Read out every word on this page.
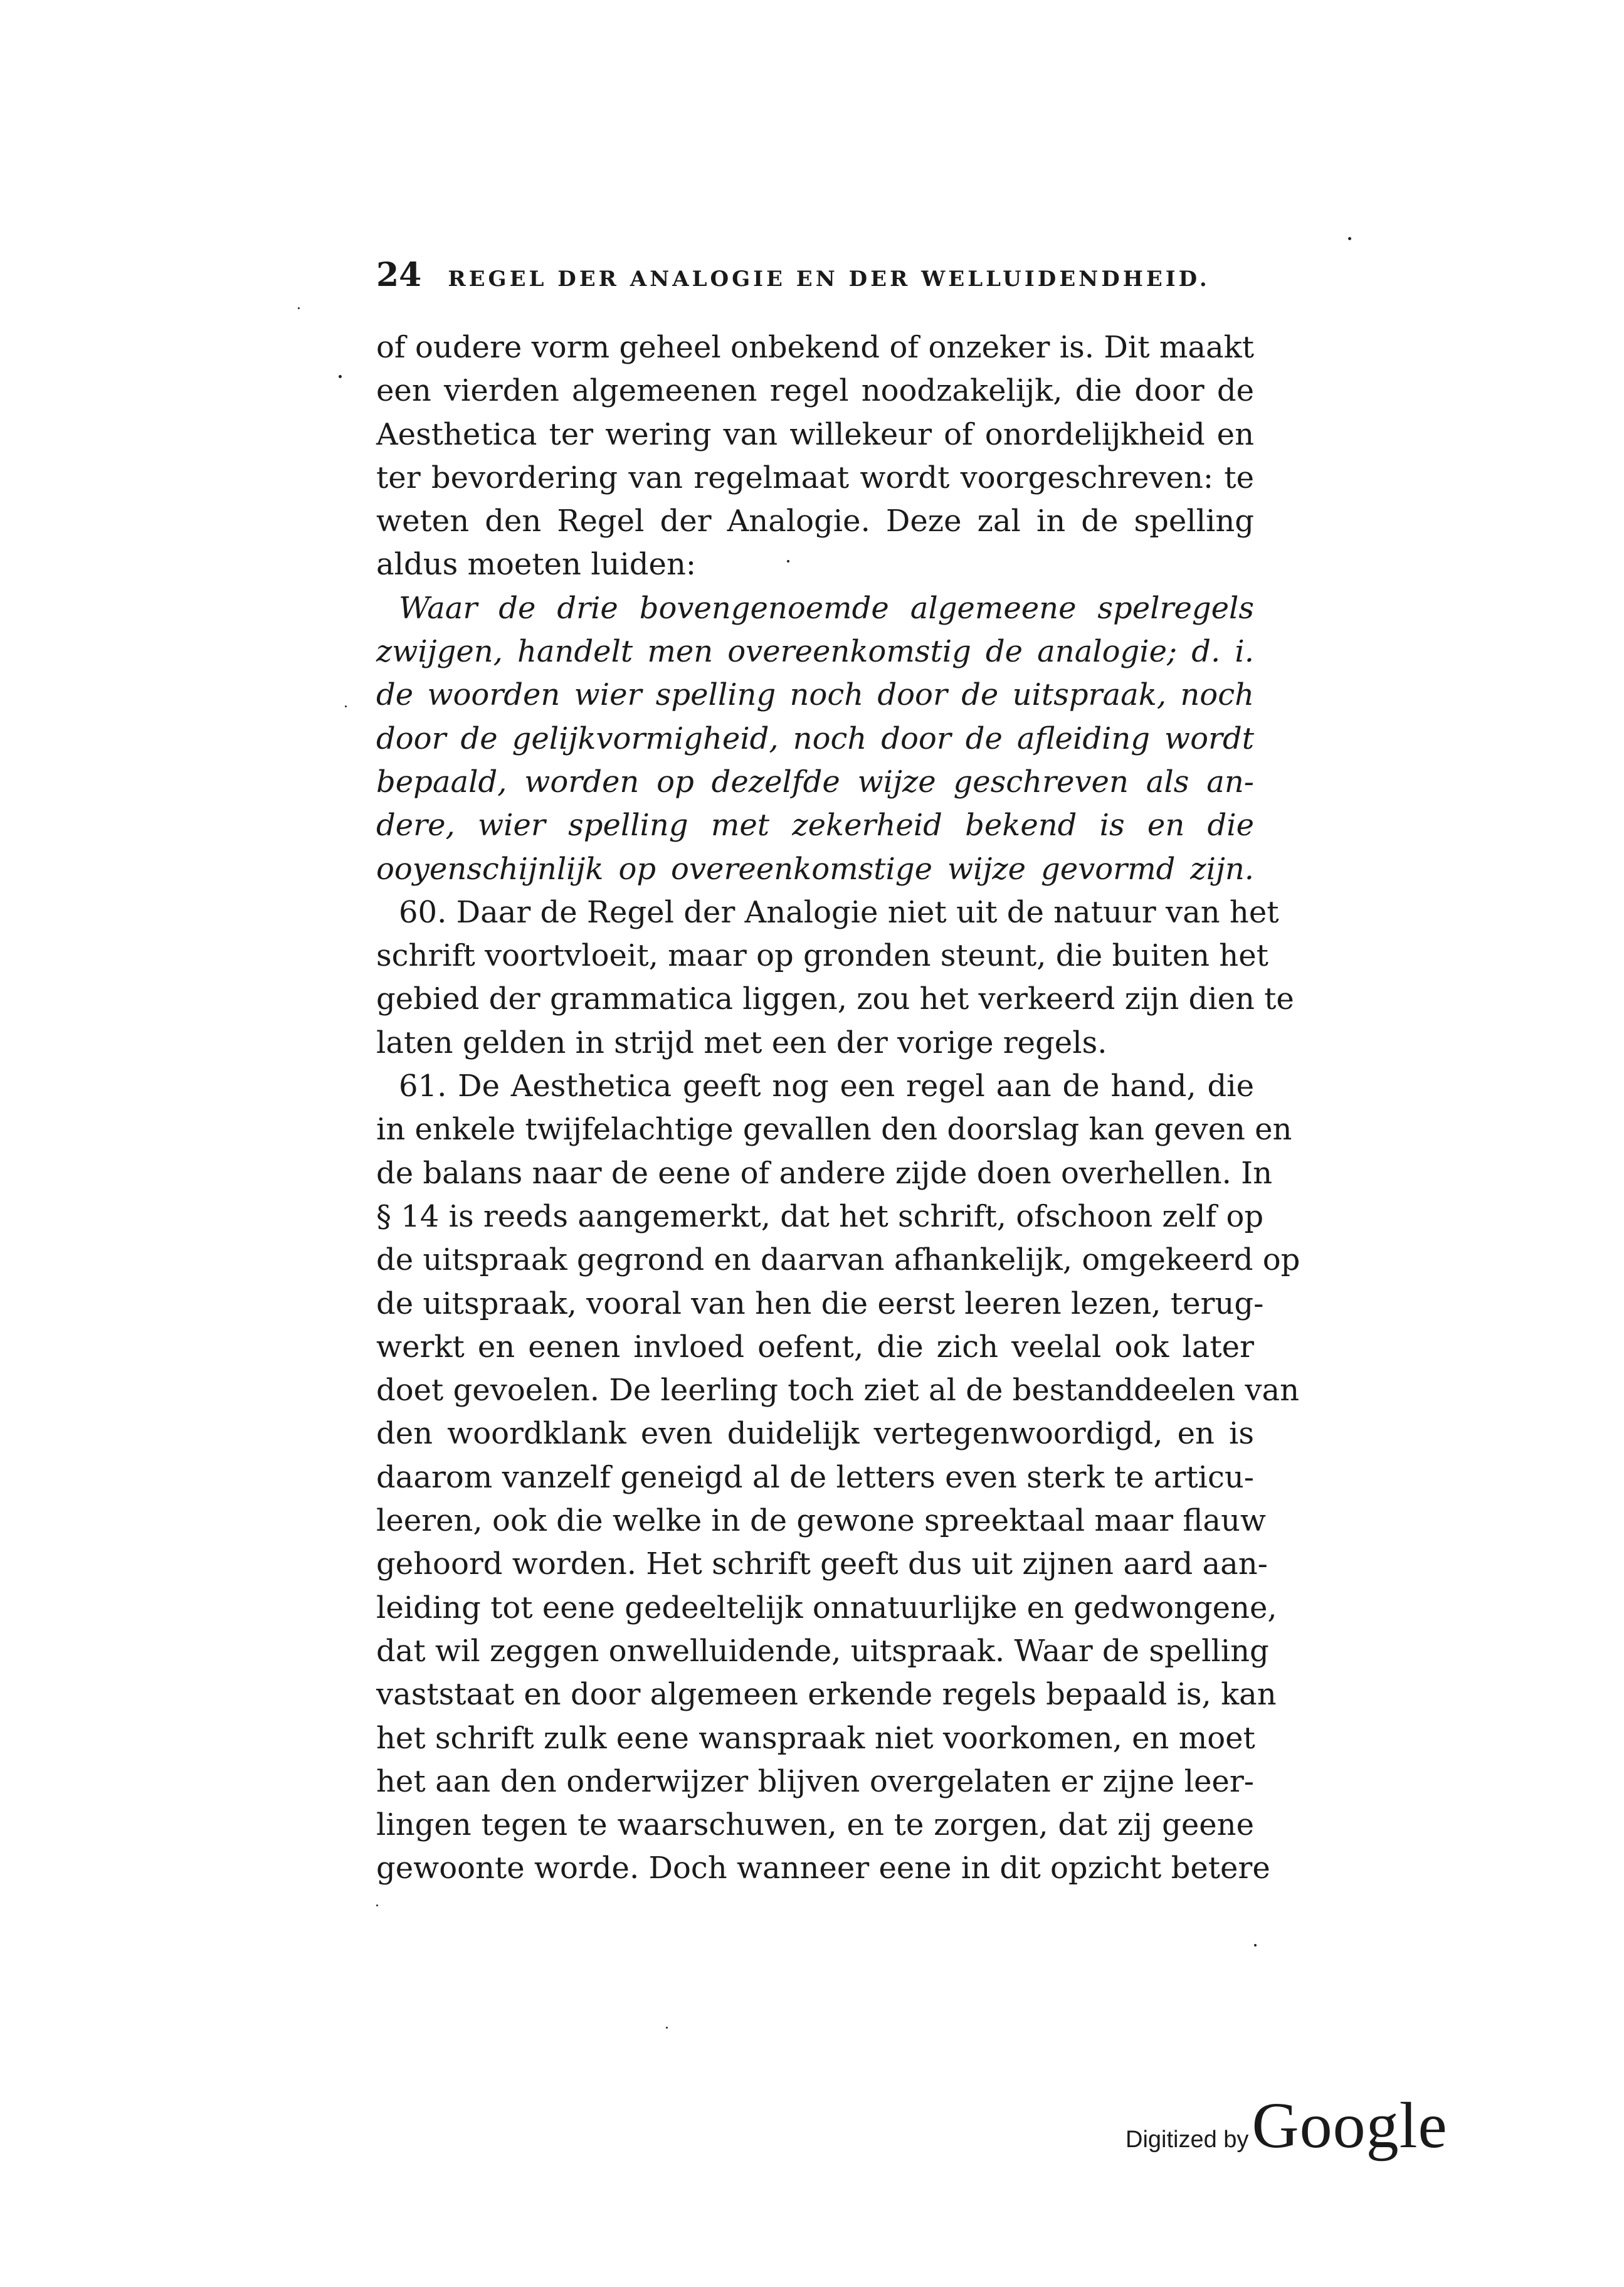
24 REGEL DER ANALOGIE EN DER WELLUIDENDHEID.
of oudere vorm geheel onbekend of onzeker is. Dit maakt
een vierden algemeenen regel noodzakelijk, die door de
Aesthetica ter wering van willekeur of onordelijkheid en
ter bevordering van regelmaat wordt voorgeschreven: te
weten den Regel der Analogie. Deze zal in de spelling
aldus moeten luiden:
Waar de drie bovengenoemde algemeene spelregels
zwijgen, handelt men overeenkomstig de analogie; d. i.
de woorden wier spelling noch door de uitspraak, noch
door de gelijkvormigheid, noch door de afleiding wordt
bepaald, worden op dezelfde wijze geschreven als an-
dere, wier spelling met zekerheid bekend is en die
ooyenschijnlijk op overeenkomstige wijze gevormd zijn.
60. Daar de Regel der Analogie niet uit de natuur van het
schrift voortvloeit, maar op gronden steunt, die buiten het
gebied der grammatica liggen, zou het verkeerd zijn dien te
laten gelden in strijd met een der vorige regels.
61. De Aesthetica geeft nog een regel aan de hand, die
in enkele twijfelachtige gevallen den doorslag kan geven en
de balans naar de eene of andere zijde doen overhellen. In
§ 14 is reeds aangemerkt, dat het schrift, ofschoon zelf op
de uitspraak gegrond en daarvan afhankelijk, omgekeerd op
de uitspraak, vooral van hen die eerst leeren lezen, terug-
werkt en eenen invloed oefent, die zich veelal ook later
doet gevoelen. De leerling toch ziet al de bestanddeelen van
den woordklank even duidelijk vertegenwoordigd, en is
daarom vanzelf geneigd al de letters even sterk te articu-
leeren, ook die welke in de gewone spreektaal maar flauw
gehoord worden. Het schrift geeft dus uit zijnen aard aan-
leiding tot eene gedeeltelijk onnatuurlijke en gedwongene,
dat wil zeggen onwelluidende, uitspraak. Waar de spelling
vaststaat en door algemeen erkende regels bepaald is, kan
het schrift zulk eene wanspraak niet voorkomen, en moet
het aan den onderwijzer blijven overgelaten er zijne leer-
lingen tegen te waarschuwen, en te zorgen, dat zij geene
gewoonte worde. Doch wanneer eene in dit opzicht betere
Digitized by Google
